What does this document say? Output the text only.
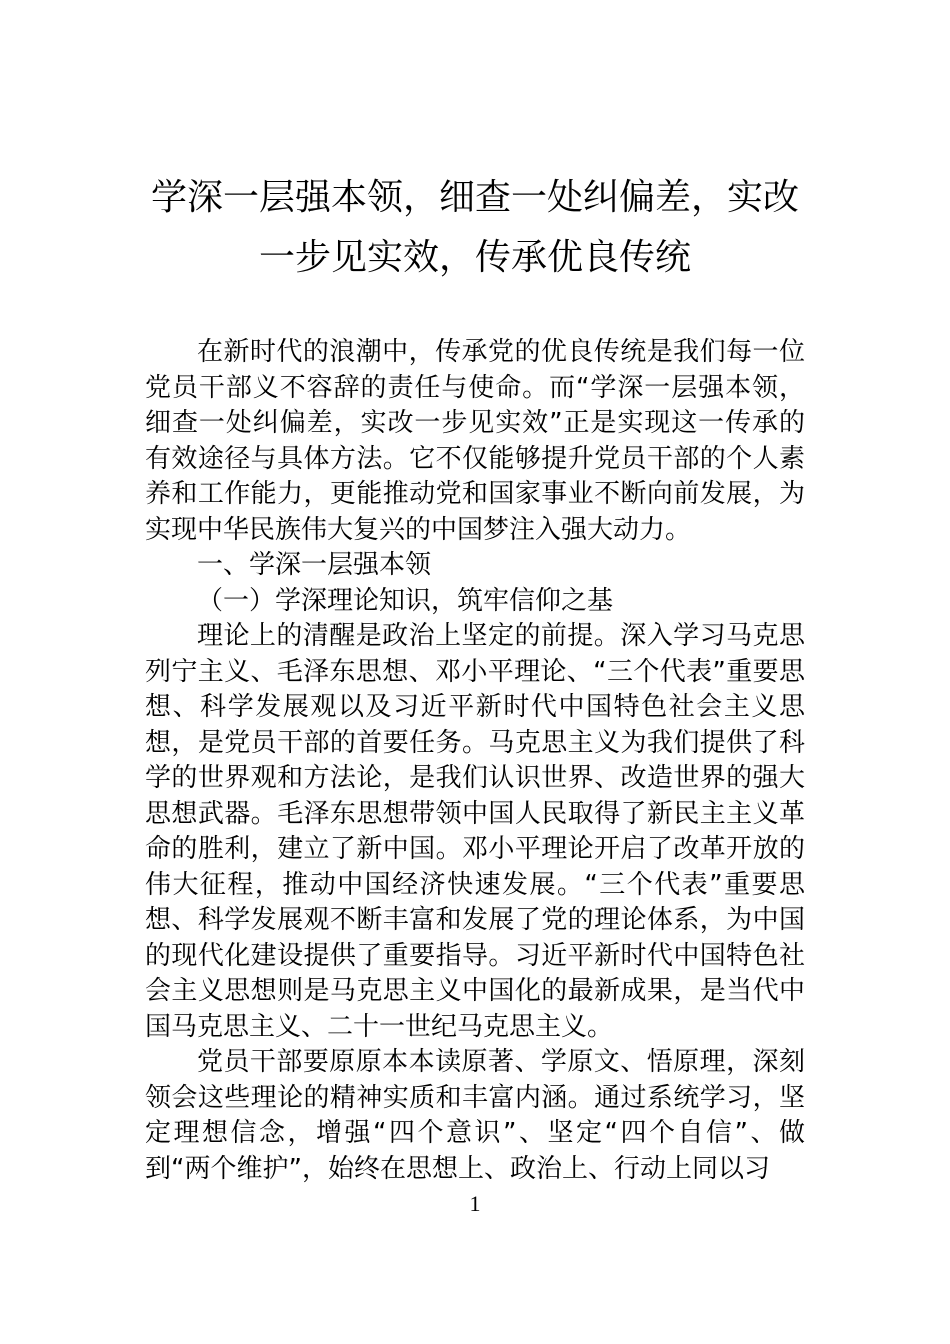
学深一层强本领，细查一处纠偏差，实改
一步见实效，传承优良传统

在新时代的浪潮中，传承党的优良传统是我们每一位党员干部义不容辞的责任与使命。而“学深一层强本领，细查一处纠偏差，实改一步见实效”正是实现这一传承的有效途径与具体方法。它不仅能够提升党员干部的个人素养和工作能力，更能推动党和国家事业不断向前发展，为实现中华民族伟大复兴的中国梦注入强大动力。

一、学深一层强本领

（一）学深理论知识，筑牢信仰之基

理论上的清醒是政治上坚定的前提。深入学习马克思列宁主义、毛泽东思想、邓小平理论、“三个代表”重要思想、科学发展观以及习近平新时代中国特色社会主义思想，是党员干部的首要任务。马克思主义为我们提供了科学的世界观和方法论，是我们认识世界、改造世界的强大思想武器。毛泽东思想带领中国人民取得了新民主主义革命的胜利，建立了新中国。邓小平理论开启了改革开放的伟大征程，推动中国经济快速发展。“三个代表”重要思想、科学发展观不断丰富和发展了党的理论体系，为中国的现代化建设提供了重要指导。习近平新时代中国特色社会主义思想则是马克思主义中国化的最新成果，是当代中国马克思主义、二十一世纪马克思主义。

党员干部要原原本本读原著、学原文、悟原理，深刻领会这些理论的精神实质和丰富内涵。通过系统学习，坚定理想信念，增强“四个意识”、坚定“四个自信”、做到“两个维护”，始终在思想上、政治上、行动上同以习

1
